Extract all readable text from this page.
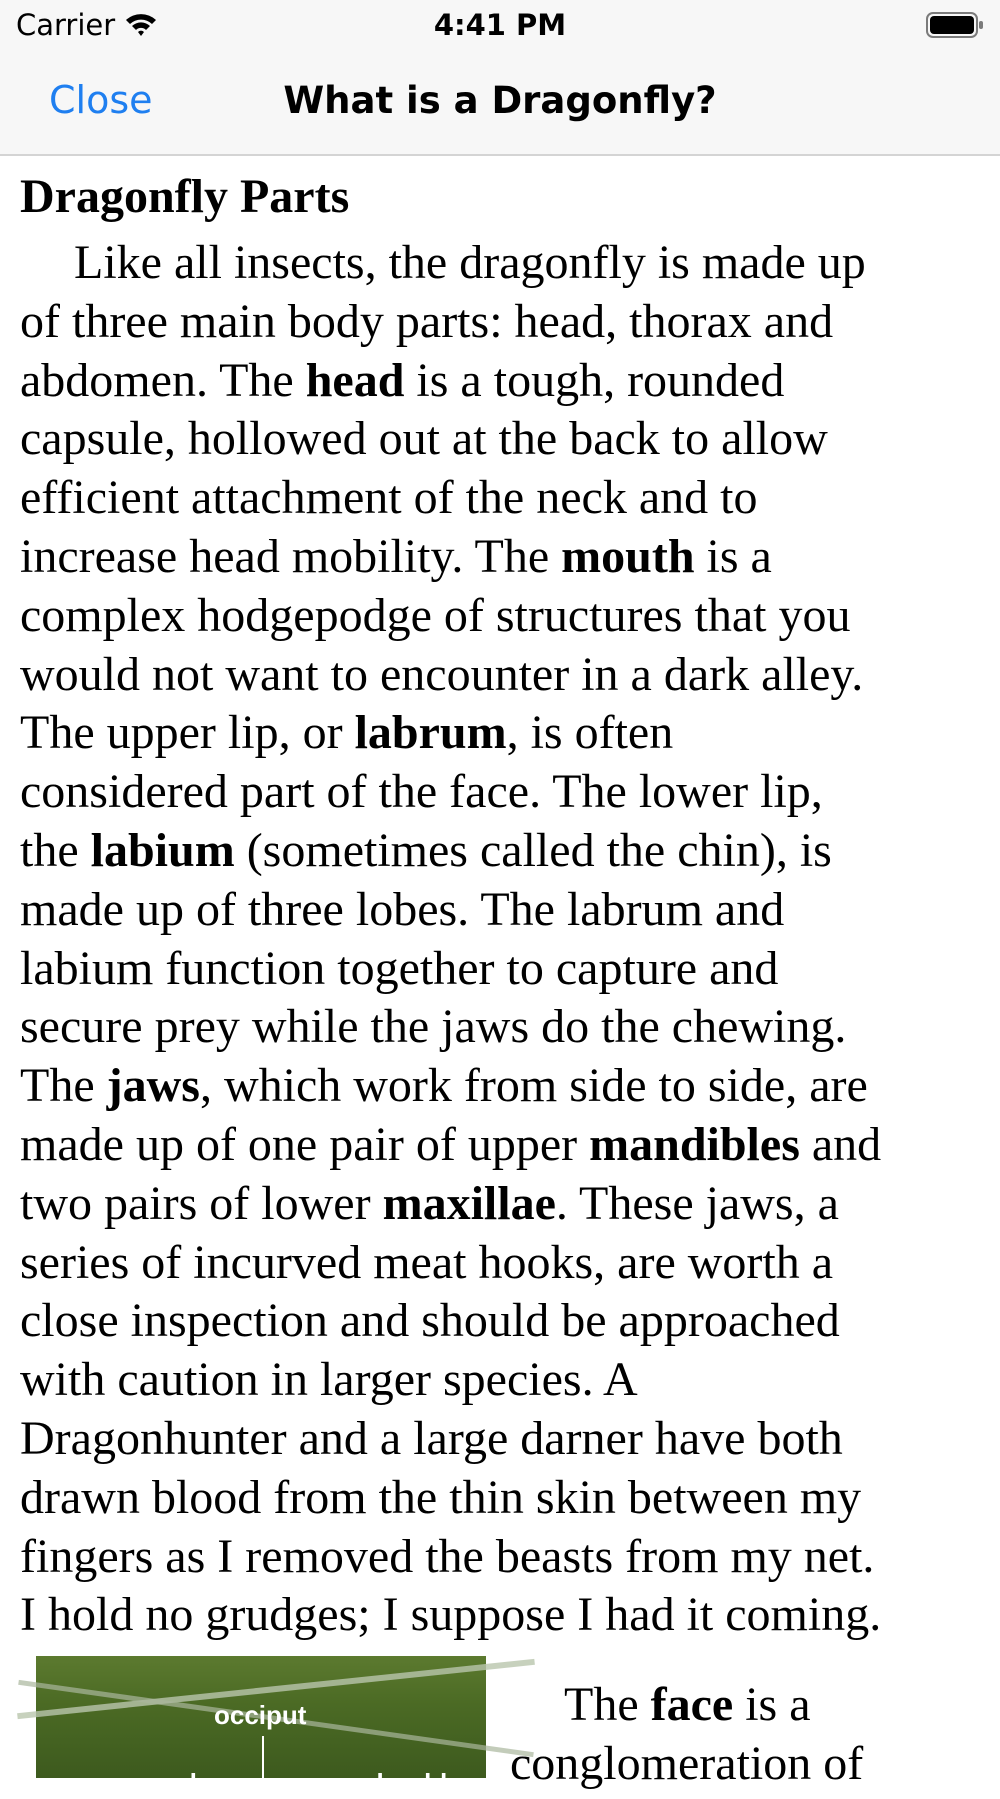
Carrier	4:41 PM
Close	What is a Dragonfly?
Dragonfly Parts

Like all insects, the dragonfly is made up
of three main body parts: head, thorax and
abdomen. The head is a tough, rounded
capsule, hollowed out at the back to allow
efficient attachment of the neck and to
increase head mobility. The mouth is a
complex hodgepodge of structures that you
would not want to encounter in a dark alley.
The upper lip, or labrum, is often
considered part of the face. The lower lip,
the labium (sometimes called the chin), is
made up of three lobes. The labrum and
labium function together to capture and
secure prey while the jaws do the chewing.
The jaws, which work from side to side, are
made up of one pair of upper mandibles and
two pairs of lower maxillae. These jaws, a
series of incurved meat hooks, are worth a
close inspection and should be approached
with caution in larger species. A
Dragonhunter and a large darner have both
drawn blood from the thin skin between my
fingers as I removed the beasts from my net.
I hold no grudges; I suppose I had it coming.

occiput
compound	shoulder
The face is a
conglomeration of
